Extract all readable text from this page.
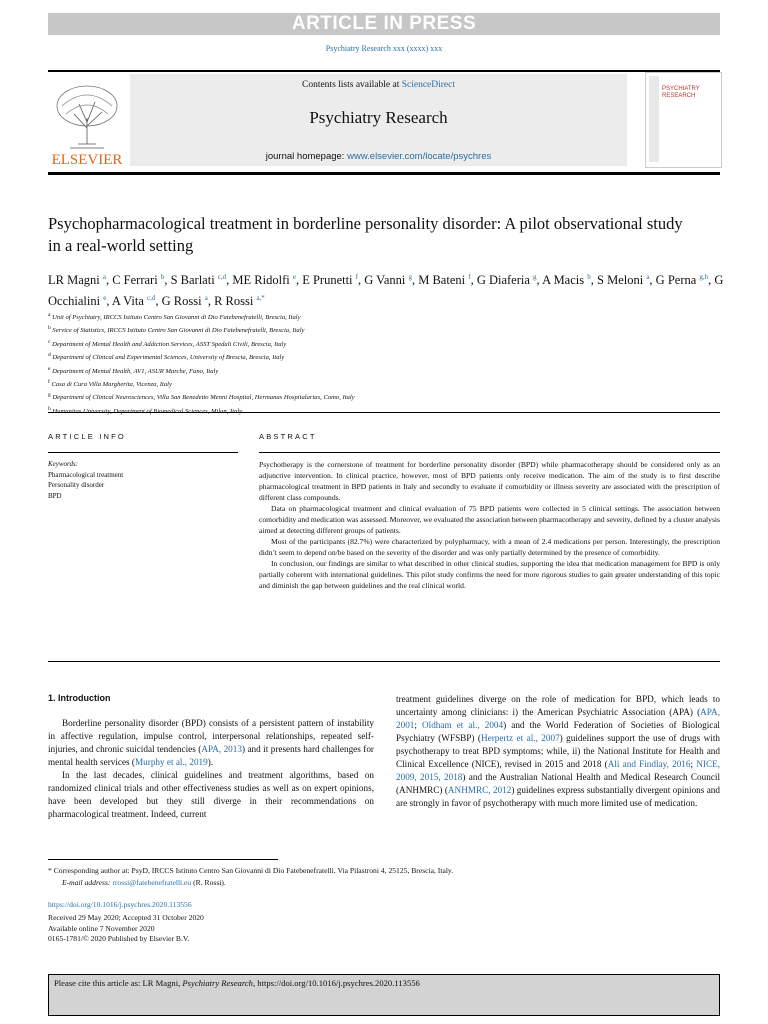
ARTICLE IN PRESS
Psychiatry Research xxx (xxxx) xxx
ELSEVIER
Contents lists available at ScienceDirect
Psychiatry Research
journal homepage: www.elsevier.com/locate/psychres
PSYCHIATRY RESEARCH
Psychopharmacological treatment in borderline personality disorder: A pilot observational study in a real-world setting
LR Magni $^a$, C Ferrari $^b$, S Barlati $^{c,d}$, ME Ridolfi $^e$, E Prunetti $^f$, G Vanni $^g$, M Bateni $^f$, G Diaferia $^g$, A Macis $^b$, S Meloni $^a$, G Perna $^{g,h}$, G Occhialini $^e$, A Vita $^{c,d}$, G Rossi $^a$, R Rossi $^{a,*}$
$^a$ Unit of Psychiatry, IRCCS Istituto Centro San Giovanni di Dio Fatebenefratelli, Brescia, Italy
$^b$ Service of Statistics, IRCCS Istituto Centro San Giovanni di Dio Fatebenefratelli, Brescia, Italy
$^c$ Department of Mental Health and Addiction Services, ASST Spedali Civili, Brescia, Italy
$^d$ Department of Clinical and Experimental Sciences, University of Brescia, Brescia, Italy
$^e$ Department of Mental Health, AV1, ASUR Marche, Fano, Italy
$^f$ Casa di Cura Villa Margherita, Vicenza, Italy
$^g$ Department of Clinical Neurosciences, Villa San Benedetto Menni Hospital, Hermanas Hospitalarias, Como, Italy
$^h$
ARTICLE INFO	ABSTRACT
Keywords:
Pharmacological treatment
Personality disorder
BPD

Psychotherapy is the cornerstone of treatment for borderline personality disorder (BPD) while pharmacotherapy should be considered only as an adjunctive intervention. In clinical practice, however, most of BPD patients only receive medication. The aim of the study is to first describe pharmacological treatment in BPD patients in Italy and secondly to evaluate if comorbidity or illness severity are associated with the prescription of different class compounds.

Data on pharmacological treatment and clinical evaluation of 75 BPD patients were collected in 5 clinical settings. The association between comorbidity and medication was assessed. Moreover, we evaluated the association between pharmacotherapy and severity, defined by a cluster analysis aimed at detecting different groups of patients.

Most of the participants (82.7%) were characterized by polypharmacy, with a mean of 2.4 medications per person. Interestingly, the prescription didn’t seem to depend on/be based on the severity of the disorder and was only partially determined by the presence of comorbidity.

In conclusion, our findings are similar to what described in other clinical studies, supporting the idea that medication management for BPD is only partially coherent with international guidelines. This pilot study confirms the need for more rigorous studies to gain greater understanding of this topic and diminish the gap between guidelines and the real clinical world.

1. Introduction

Borderline personality disorder (BPD) consists of a persistent pattern of instability in affective regulation, impulse control, interpersonal relationships, repeated self-injuries, and chronic suicidal tendencies (APA, 2013) and it presents hard challenges for mental health services (Murphy et al., 2019).

In the last decades, clinical guidelines and treatment algorithms, based on randomized clinical trials and other effectiveness studies as well as on expert opinions, have been developed but they still diverge in their recommendations on pharmacological treatment. Indeed, current

treatment guidelines diverge on the role of medication for BPD, which leads to uncertainty among clinicians: i) the American Psychiatric Association (APA) (APA, 2001; Oldham et al., 2004) and the World Federation of Societies of Biological Psychiatry (WFSBP) (Herpertz et al., 2007) guidelines support the use of drugs with psychotherapy to treat BPD symptoms; while, ii) the National Institute for Health and Clinical Excellence (NICE), revised in 2015 and 2018 (Ali and Findlay, 2016; NICE, 2009, 2015, 2018) and the Australian National Health and Medical Research Council (ANHMRC) (ANHMRC, 2012) guidelines express substantially divergent opinions and are strongly in favor of psychotherapy with much more limited use of medication.

* Corresponding author at: PsyD, IRCCS Istituto Centro San Giovanni di Dio Fatebenefratelli, Via Pilastroni 4, 25125, Brescia, Italy.
E-mail address: rrossi@fatebenefratelli.eu (R. Rossi).
https://doi.org/10.1016/j.psychres.2020.113556
Received 29 May 2020; Accepted 31 October 2020
Available online 7 November 2020
0165-1781/© 2020 Published by Elsevier B.V.
Please cite this article as: LR Magni, Psychiatry Research, https://doi.org/10.1016/j.psychres.2020.113556
